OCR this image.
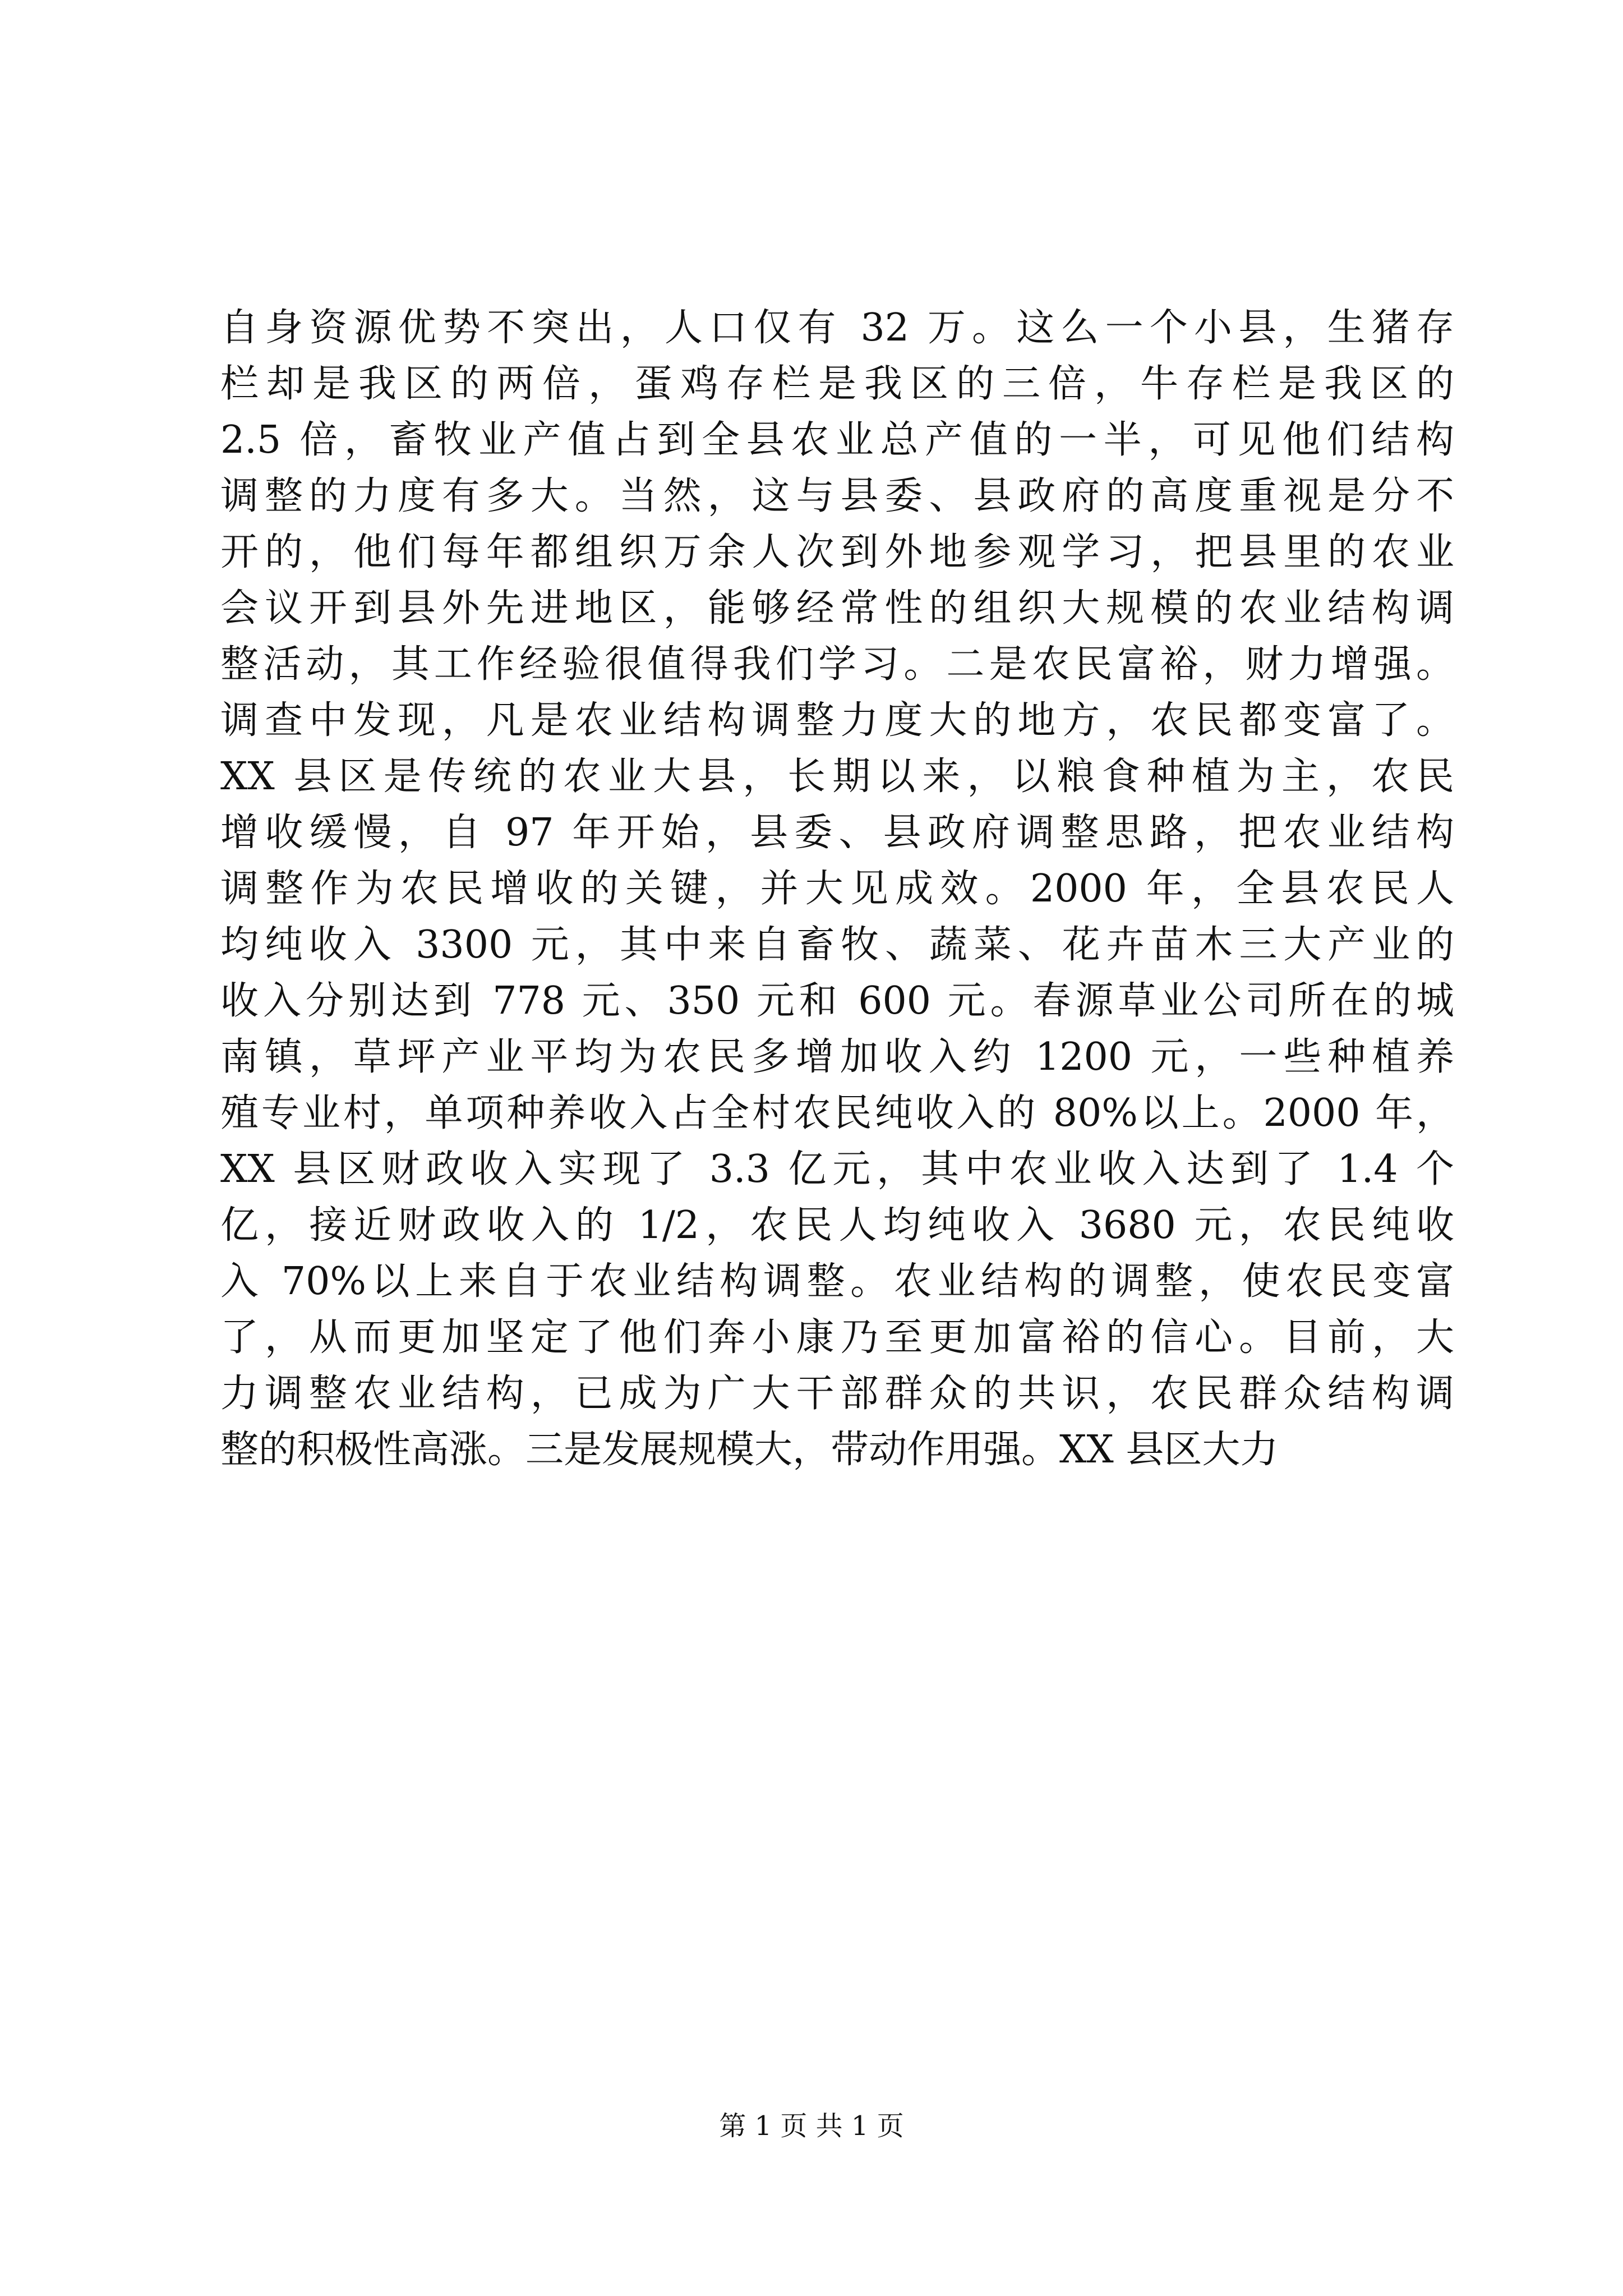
自身资源优势不突出，人口仅有 32 万。这么一个小县，生猪存
栏却是我区的两倍，蛋鸡存栏是我区的三倍，牛存栏是我区的
2.5 倍，畜牧业产值占到全县农业总产值的一半，可见他们结构
调整的力度有多大。当然，这与县委、县政府的高度重视是分不
开的，他们每年都组织万余人次到外地参观学习，把县里的农业
会议开到县外先进地区，能够经常性的组织大规模的农业结构调
整活动，其工作经验很值得我们学习。二是农民富裕，财力增强。
调查中发现，凡是农业结构调整力度大的地方，农民都变富了。
XX 县区是传统的农业大县，长期以来，以粮食种植为主，农民
增收缓慢，自 97 年开始，县委、县政府调整思路，把农业结构
调整作为农民增收的关键，并大见成效。2000 年，全县农民人
均纯收入 3300 元，其中来自畜牧、蔬菜、花卉苗木三大产业的
收入分别达到 778 元、350 元和 600 元。春源草业公司所在的城
南镇，草坪产业平均为农民多增加收入约 1200 元，一些种植养
殖专业村，单项种养收入占全村农民纯收入的 80%以上。2000 年，
XX 县区财政收入实现了 3.3 亿元，其中农业收入达到了 1.4 个
亿，接近财政收入的 1/2，农民人均纯收入 3680 元，农民纯收
入 70%以上来自于农业结构调整。农业结构的调整，使农民变富
了，从而更加坚定了他们奔小康乃至更加富裕的信心。目前，大
力调整农业结构，已成为广大干部群众的共识，农民群众结构调
整的积极性高涨。三是发展规模大，带动作用强。XX 县区大力
第 1 页 共 1 页
